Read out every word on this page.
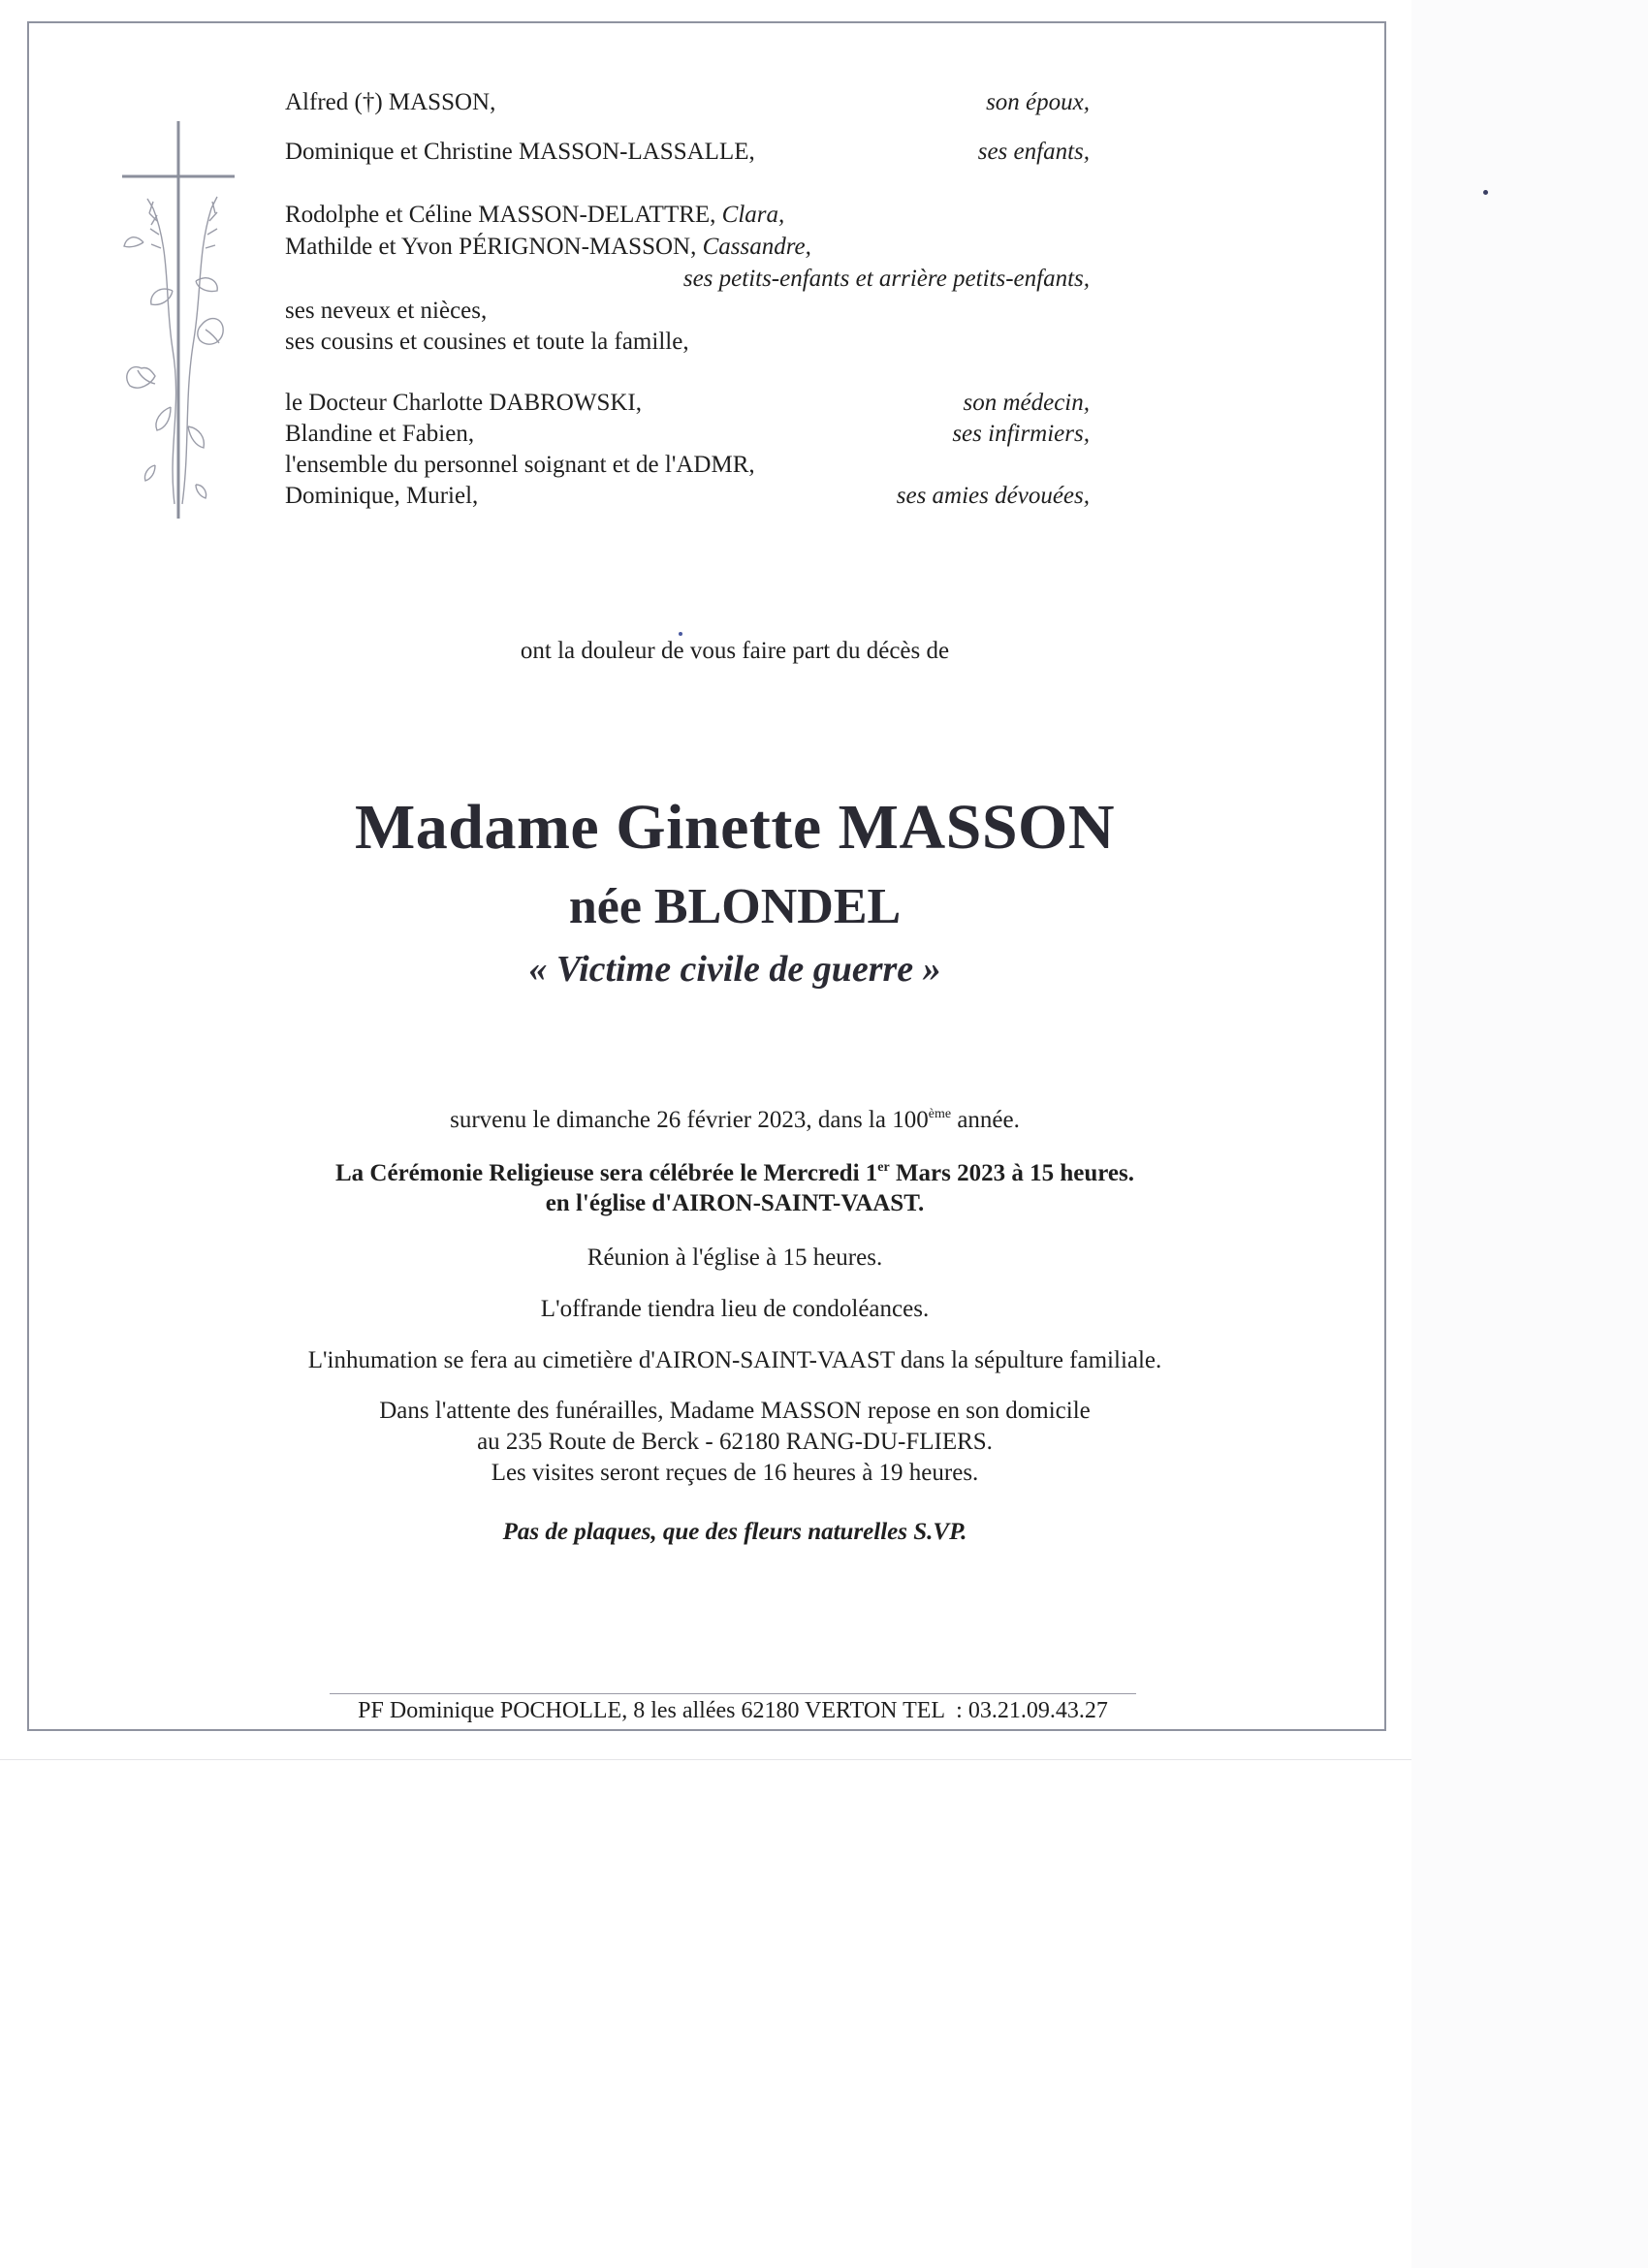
Alfred (†) MASSON,	son époux,
Dominique et Christine MASSON-LASSALLE,	ses enfants,
Rodolphe et Céline MASSON-DELATTRE, Clara,
Mathilde et Yvon PÉRIGNON-MASSON, Cassandre,
ses petits-enfants et arrière petits-enfants,
ses neveux et nièces,
ses cousins et cousines et toute la famille,
le Docteur Charlotte DABROWSKI,	son médecin,
Blandine et Fabien,	ses infirmiers,
l'ensemble du personnel soignant et de l'ADMR,
Dominique, Muriel,	ses amies dévouées,
ont la douleur de vous faire part du décès de
Madame Ginette MASSON
née BLONDEL
« Victime civile de guerre »
survenu le dimanche 26 février 2023, dans la 100ème année.
La Cérémonie Religieuse sera célébrée le Mercredi 1er Mars 2023 à 15 heures.
en l'église d'AIRON-SAINT-VAAST.
Réunion à l'église à 15 heures.
L'offrande tiendra lieu de condoléances.
L'inhumation se fera au cimetière d'AIRON-SAINT-VAAST dans la sépulture familiale.
Dans l'attente des funérailles, Madame MASSON repose en son domicile
au 235 Route de Berck - 62180 RANG-DU-FLIERS.
Les visites seront reçues de 16 heures à 19 heures.
Pas de plaques, que des fleurs naturelles S.VP.
PF Dominique POCHOLLE, 8 les allées 62180 VERTON TEL  : 03.21.09.43.27
